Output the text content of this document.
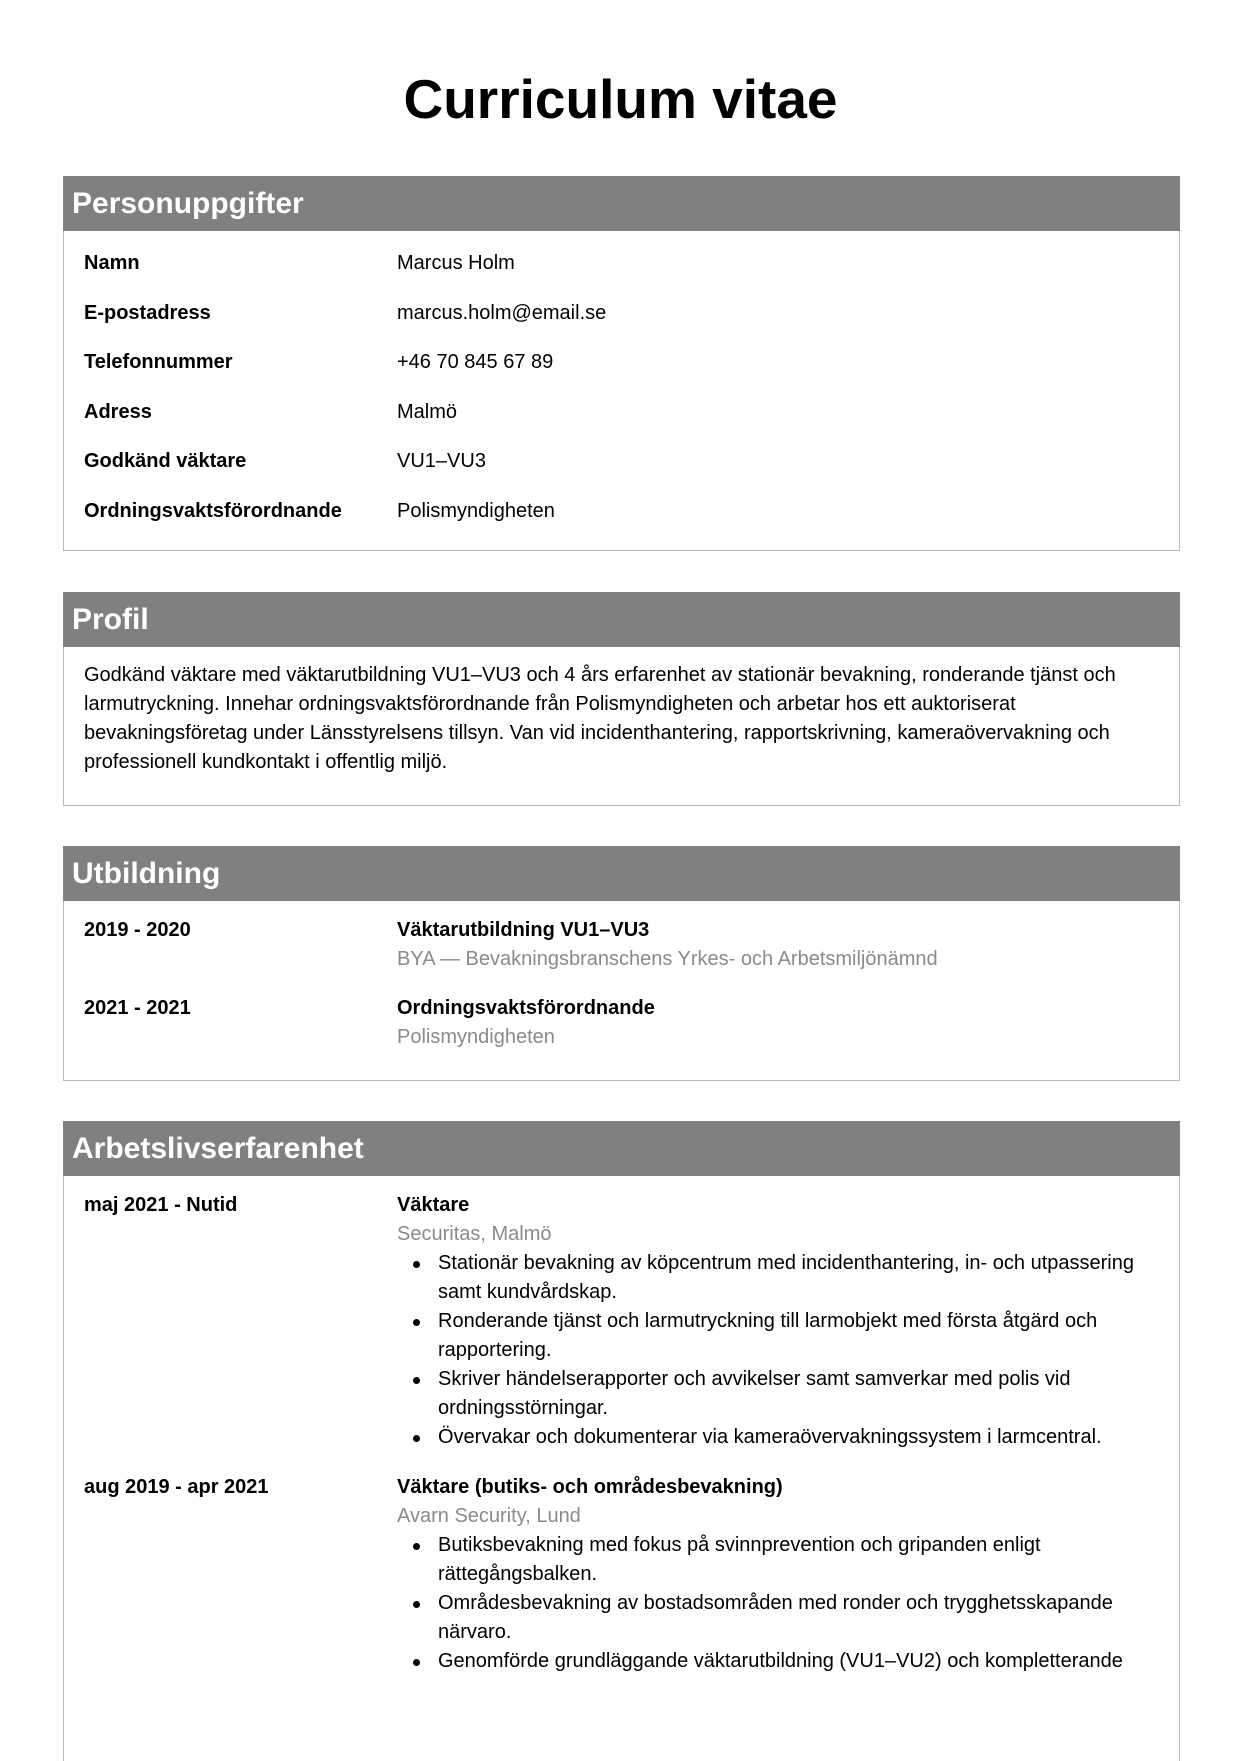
Curriculum vitae
Personuppgifter
Namn	Marcus Holm
E-postadress	marcus.holm@email.se
Telefonnummer	+46 70 845 67 89
Adress	Malmö
Godkänd väktare	VU1–VU3
Ordningsvaktsförordnande	Polismyndigheten
Profil
Godkänd väktare med väktarutbildning VU1–VU3 och 4 års erfarenhet av stationär bevakning, ronderande tjänst och larmutryckning. Innehar ordningsvaktsförordnande från Polismyndigheten och arbetar hos ett auktoriserat bevakningsföretag under Länsstyrelsens tillsyn. Van vid incidenthantering, rapportskrivning, kameraövervakning och professionell kundkontakt i offentlig miljö.
Utbildning
2019 - 2020	Väktarutbildning VU1–VU3
BYA — Bevakningsbranschens Yrkes- och Arbetsmiljönämnd
2021 - 2021	Ordningsvaktsförordnande
Polismyndigheten
Arbetslivserfarenhet
maj 2021 - Nutid	Väktare
Securitas, Malmö
Stationär bevakning av köpcentrum med incidenthantering, in- och utpassering samt kundvårdskap.
Ronderande tjänst och larmutryckning till larmobjekt med första åtgärd och rapportering.
Skriver händelserapporter och avvikelser samt samverkar med polis vid ordningsstörningar.
Övervakar och dokumenterar via kameraövervakningssystem i larmcentral.
aug 2019 - apr 2021	Väktare (butiks- och områdesbevakning)
Avarn Security, Lund
Butiksbevakning med fokus på svinnprevention och gripanden enligt rättegångsbalken.
Områdesbevakning av bostadsområden med ronder och trygghetsskapande närvaro.
Genomförde grundläggande väktarutbildning (VU1–VU2) och kompletterande
